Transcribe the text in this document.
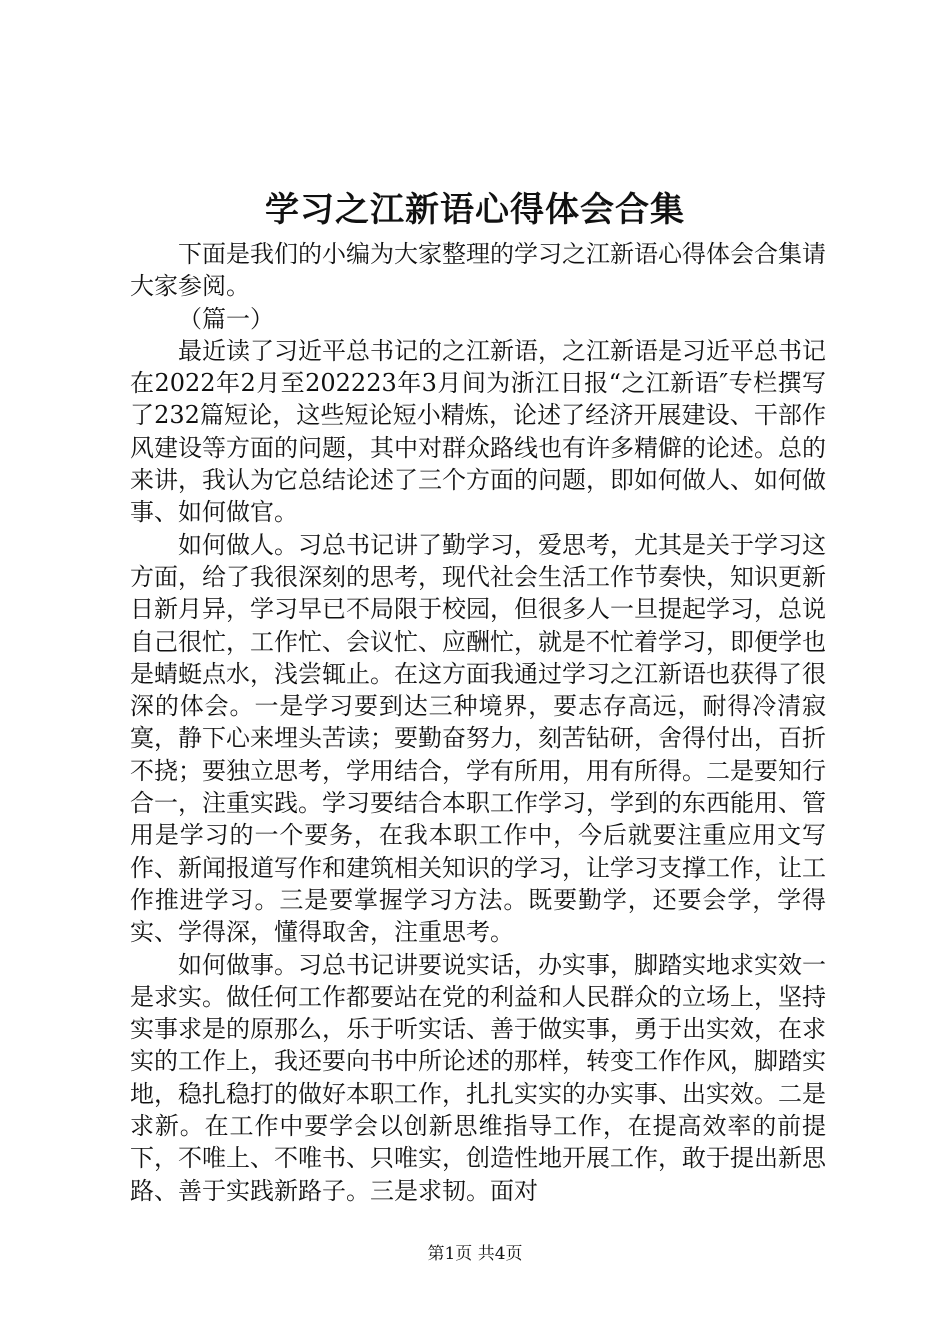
学习之江新语心得体会合集

下面是我们的小编为大家整理的学习之江新语心得体会合集请大家参阅。

（篇一）

最近读了习近平总书记的之江新语，之江新语是习近平总书记在2022年2月至202223年3月间为浙江日报“之江新语″专栏撰写了232篇短论，这些短论短小精炼，论述了经济开展建设、干部作风建设等方面的问题，其中对群众路线也有许多精僻的论述。总的来讲，我认为它总结论述了三个方面的问题，即如何做人、如何做事、如何做官。

如何做人。习总书记讲了勤学习，爱思考，尤其是关于学习这方面，给了我很深刻的思考，现代社会生活工作节奏快，知识更新日新月异，学习早已不局限于校园，但很多人一旦提起学习，总说自己很忙，工作忙、会议忙、应酬忙，就是不忙着学习，即便学也是蜻蜓点水，浅尝辄止。在这方面我通过学习之江新语也获得了很深的体会。一是学习要到达三种境界，要志存高远，耐得冷清寂寞，静下心来埋头苦读；要勤奋努力，刻苦钻研，舍得付出，百折不挠；要独立思考，学用结合，学有所用，用有所得。二是要知行合一，注重实践。学习要结合本职工作学习，学到的东西能用、管用是学习的一个要务，在我本职工作中，今后就要注重应用文写作、新闻报道写作和建筑相关知识的学习，让学习支撑工作，让工作推进学习。三是要掌握学习方法。既要勤学，还要会学，学得实、学得深，懂得取舍，注重思考。

如何做事。习总书记讲要说实话，办实事，脚踏实地求实效一是求实。做任何工作都要站在党的利益和人民群众的立场上，坚持实事求是的原那么，乐于听实话、善于做实事，勇于出实效，在求实的工作上，我还要向书中所论述的那样，转变工作作风，脚踏实地，稳扎稳打的做好本职工作，扎扎实实的办实事、出实效。二是求新。在工作中要学会以创新思维指导工作，在提高效率的前提下，不唯上、不唯书、只唯实，创造性地开展工作，敢于提出新思路、善于实践新路子。三是求韧。面对

第1页 共4页
